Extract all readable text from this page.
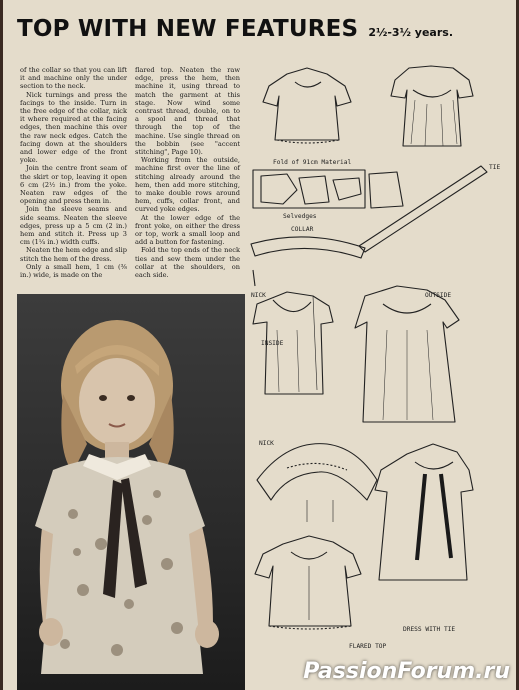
TOP WITH NEW FEATURES 2½-3½ years.

of the collar so that you can lift it and machine only the under section to the neck.

Nick turnings and press the facings to the inside. Turn in the free edge of the collar, nick it where required at the facing edges, then machine this over the raw neck edges. Catch the facing down at the shoulders and lower edge of the front yoke.

Join the centre front seam of the skirt or top, leaving it open 6 cm (2½ in.) from the yoke. Neaten raw edges of the opening and press them in.

Join the sleeve seams and side seams. Neaten the sleeve edges, press up a 5 cm (2 in.) hem and stitch it. Press up 3 cm (1¼ in.) width cuffs.

Neaten the hem edge and slip stitch the hem of the dress.

Only a small hem, 1 cm (⅜ in.) wide, is made on the

flared top. Neaten the raw edge, press the hem, then machine it, using thread to match the garment at this stage. Now wind some contrast thread, double, on to a spool and thread that through the top of the machine. Use single thread on the bobbin (see "accent stitching", Page 10).

Working from the outside, machine first over the line of stitching already around the hem, then add more stitching, to make double rows around hem, cuffs, collar front, and curved yoke edges.

At the lower edge of the front yoke, on either the dress or top, work a small loop and add a button for fastening.

Fold the top ends of the neck ties and sew them under the collar at the shoulders, on each side.

Fold of 91cm Material
Selvedges
TIE
COLLAR
NICK	OUTSIDE
INSIDE
NICK
DRESS WITH TIE
FLARED TOP
PassionForum.ru
